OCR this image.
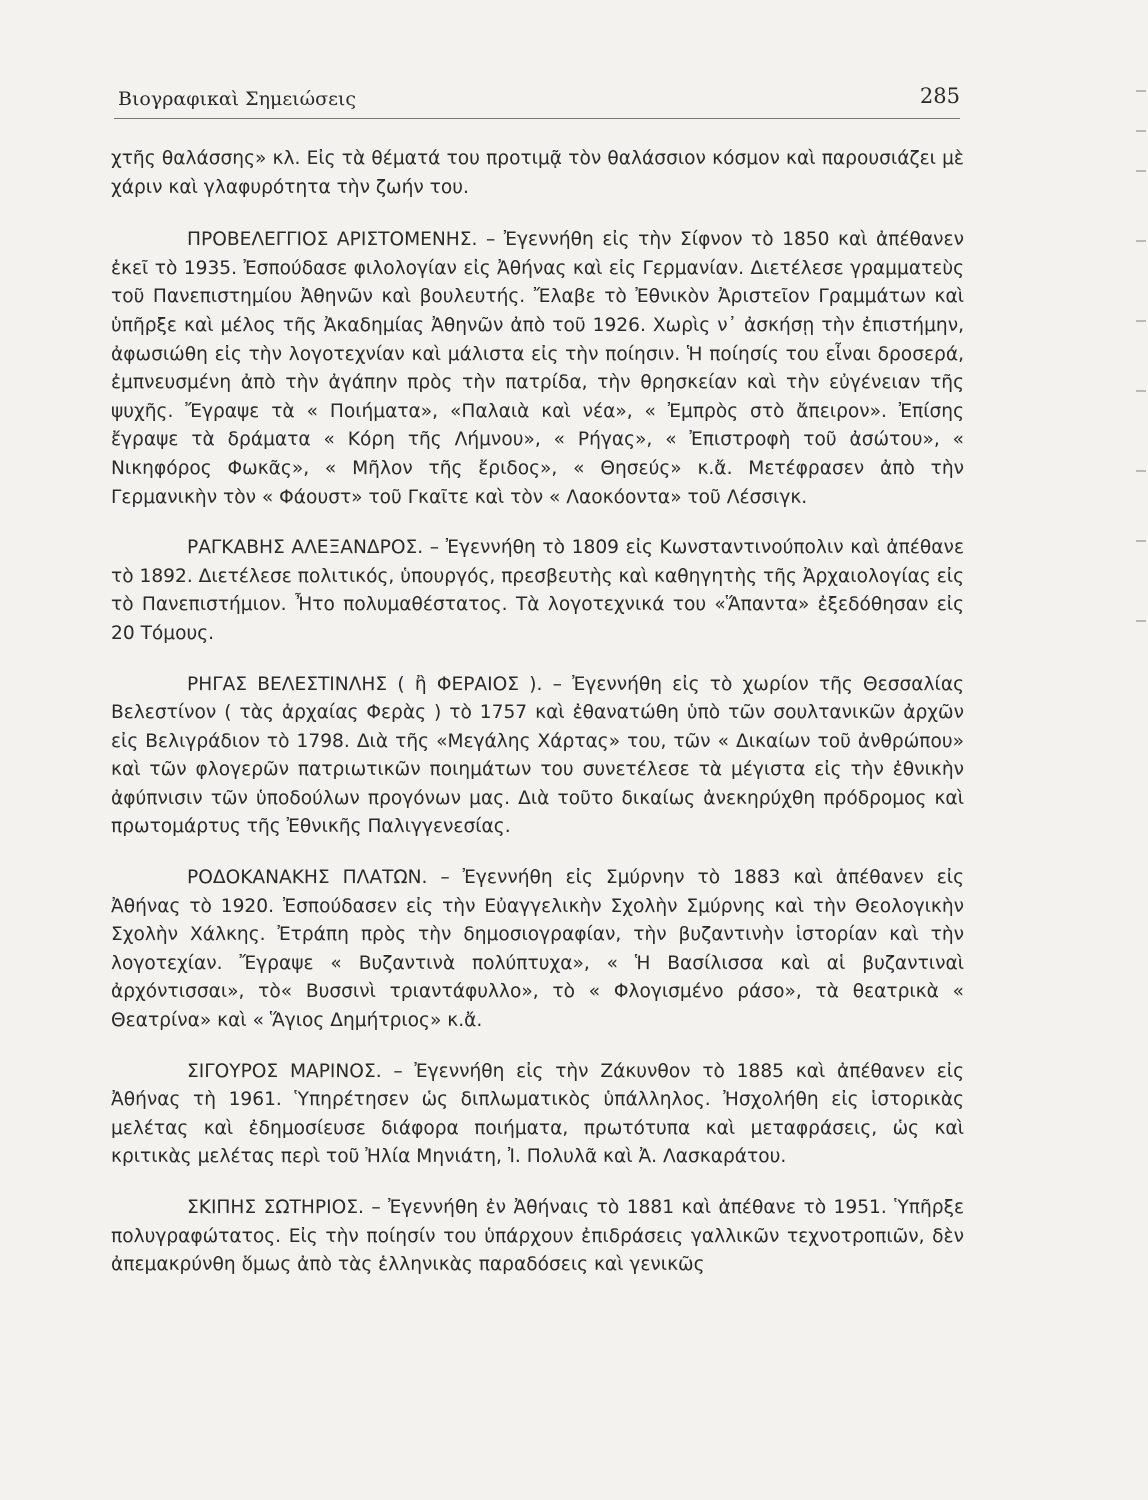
Βιογραφικαὶ Σημειώσεις	285

χτῆς θαλάσσης» κλ. Εἰς τὰ θέματά του προτιμᾷ τὸν θαλάσσιον κόσμον καὶ παρουσιάζει μὲ χάριν καὶ γλαφυρότητα τὴν ζωήν του.

ΠΡΟΒΕΛΕΓΓΙΟΣ ΑΡΙΣΤΟΜΕΝΗΣ. – Ἐγεννήθη εἰς τὴν Σίφνον τὸ 1850 καὶ ἀπέθανεν ἐκεῖ τὸ 1935. Ἐσπούδασε φιλολογίαν εἰς Ἀθήνας καὶ εἰς Γερμανίαν. Διετέλεσε γραμματεὺς τοῦ Πανεπιστημίου Ἀθηνῶν καὶ βουλευτής. Ἔλαβε τὸ Ἐθνικὸν Ἀριστεῖον Γραμμάτων καὶ ὑπῆρξε καὶ μέλος τῆς Ἀκαδημίας Ἀθηνῶν ἀπὸ τοῦ 1926. Χωρὶς ν᾿ ἀσκήσῃ τὴν ἐπιστήμην, ἀφωσιώθη εἰς τὴν λογοτεχνίαν καὶ μάλιστα εἰς τὴν ποίησιν. Ἡ ποίησίς του εἶναι δροσερά, ἐμπνευσμένη ἀπὸ τὴν ἀγάπην πρὸς τὴν πατρίδα, τὴν θρησκείαν καὶ τὴν εὐγένειαν τῆς ψυχῆς. Ἔγραψε τὰ « Ποιήματα», «Παλαιὰ καὶ νέα», « Ἐμπρὸς στὸ ἄπειρον». Ἐπίσης ἔγραψε τὰ δράματα « Κόρη τῆς Λήμνου», « Ρήγας», « Ἐπιστροφὴ τοῦ ἀσώτου», « Νικηφόρος Φωκᾶς», « Μῆλον τῆς ἔριδος», « Θησεύς» κ.ἄ. Μετέφρασεν ἀπὸ τὴν Γερμανικὴν τὸν « Φάουστ» τοῦ Γκαῖτε καὶ τὸν « Λαοκόοντα» τοῦ Λέσσιγκ.

ΡΑΓΚΑΒΗΣ ΑΛΕΞΑΝΔΡΟΣ. – Ἐγεννήθη τὸ 1809 εἰς Κωνσταντινούπολιν καὶ ἀπέθανε τὸ 1892. Διετέλεσε πολιτικός, ὑπουργός, πρεσβευτὴς καὶ καθηγητὴς τῆς Ἀρχαιολογίας εἰς τὸ Πανεπιστήμιον. Ἦτο πολυμαθέστατος. Τὰ λογοτεχνικά του «Ἅπαντα» ἐξεδόθησαν εἰς 20 Τόμους.

ΡΗΓΑΣ ΒΕΛΕΣΤΙΝΛΗΣ ( ἢ ΦΕΡΑΙΟΣ ). – Ἐγεννήθη εἰς τὸ χωρίον τῆς Θεσσαλίας Βελεστίνον ( τὰς ἀρχαίας Φερὰς ) τὸ 1757 καὶ ἐθανατώθη ὑπὸ τῶν σουλτανικῶν ἀρχῶν εἰς Βελιγράδιον τὸ 1798. Διὰ τῆς «Μεγάλης Χάρτας» του, τῶν « Δικαίων τοῦ ἀνθρώπου» καὶ τῶν φλογερῶν πατριωτικῶν ποιημάτων του συνετέλεσε τὰ μέγιστα εἰς τὴν ἐθνικὴν ἀφύπνισιν τῶν ὑποδούλων προγόνων μας. Διὰ τοῦτο δικαίως ἀνεκηρύχθη πρόδρομος καὶ πρωτομάρτυς τῆς Ἐθνικῆς Παλιγγενεσίας.

ΡΟΔΟΚΑΝΑΚΗΣ ΠΛΑΤΩΝ. – Ἐγεννήθη εἰς Σμύρνην τὸ 1883 καὶ ἀπέθανεν εἰς Ἀθήνας τὸ 1920. Ἐσπούδασεν εἰς τὴν Εὐαγγελικὴν Σχολὴν Σμύρνης καὶ τὴν Θεολογικὴν Σχολὴν Χάλκης. Ἐτράπη πρὸς τὴν δημοσιογραφίαν, τὴν βυζαντινὴν ἱστορίαν καὶ τὴν λογοτεχίαν. Ἔγραψε « Βυζαντινὰ πολύπτυχα», « Ἡ Βασίλισσα καὶ αἱ βυζαντιναὶ ἀρχόντισσαι», τὸ« Βυσσινὶ τριαντάφυλλο», τὸ « Φλογισμένο ράσο», τὰ θεατρικὰ « Θεατρίνα» καὶ « Ἅγιος Δημήτριος» κ.ἄ.

ΣΙΓΟΥΡΟΣ ΜΑΡΙΝΟΣ. – Ἐγεννήθη εἰς τὴν Ζάκυνθον τὸ 1885 καὶ ἀπέθανεν εἰς Ἀθήνας τὴ 1961. Ὑπηρέτησεν ὡς διπλωματικὸς ὑπάλληλος. Ἠσχολήθη εἰς ἱστορικὰς μελέτας καὶ ἐδημοσίευσε διάφορα ποιήματα, πρωτότυπα καὶ μεταφράσεις, ὡς καὶ κριτικὰς μελέτας περὶ τοῦ Ἠλία Μηνιάτη, Ἰ. Πολυλᾶ καὶ Ἀ. Λασκαράτου.

ΣΚΙΠΗΣ ΣΩΤΗΡΙΟΣ. – Ἐγεννήθη ἐν Ἀθήναις τὸ 1881 καὶ ἀπέθανε τὸ 1951. Ὑπῆρξε πολυγραφώτατος. Εἰς τὴν ποίησίν του ὑπάρχουν ἐπιδράσεις γαλλικῶν τεχνοτροπιῶν, δὲν ἀπεμακρύνθη ὅμως ἀπὸ τὰς ἑλληνικὰς παραδόσεις καὶ γενικῶς
